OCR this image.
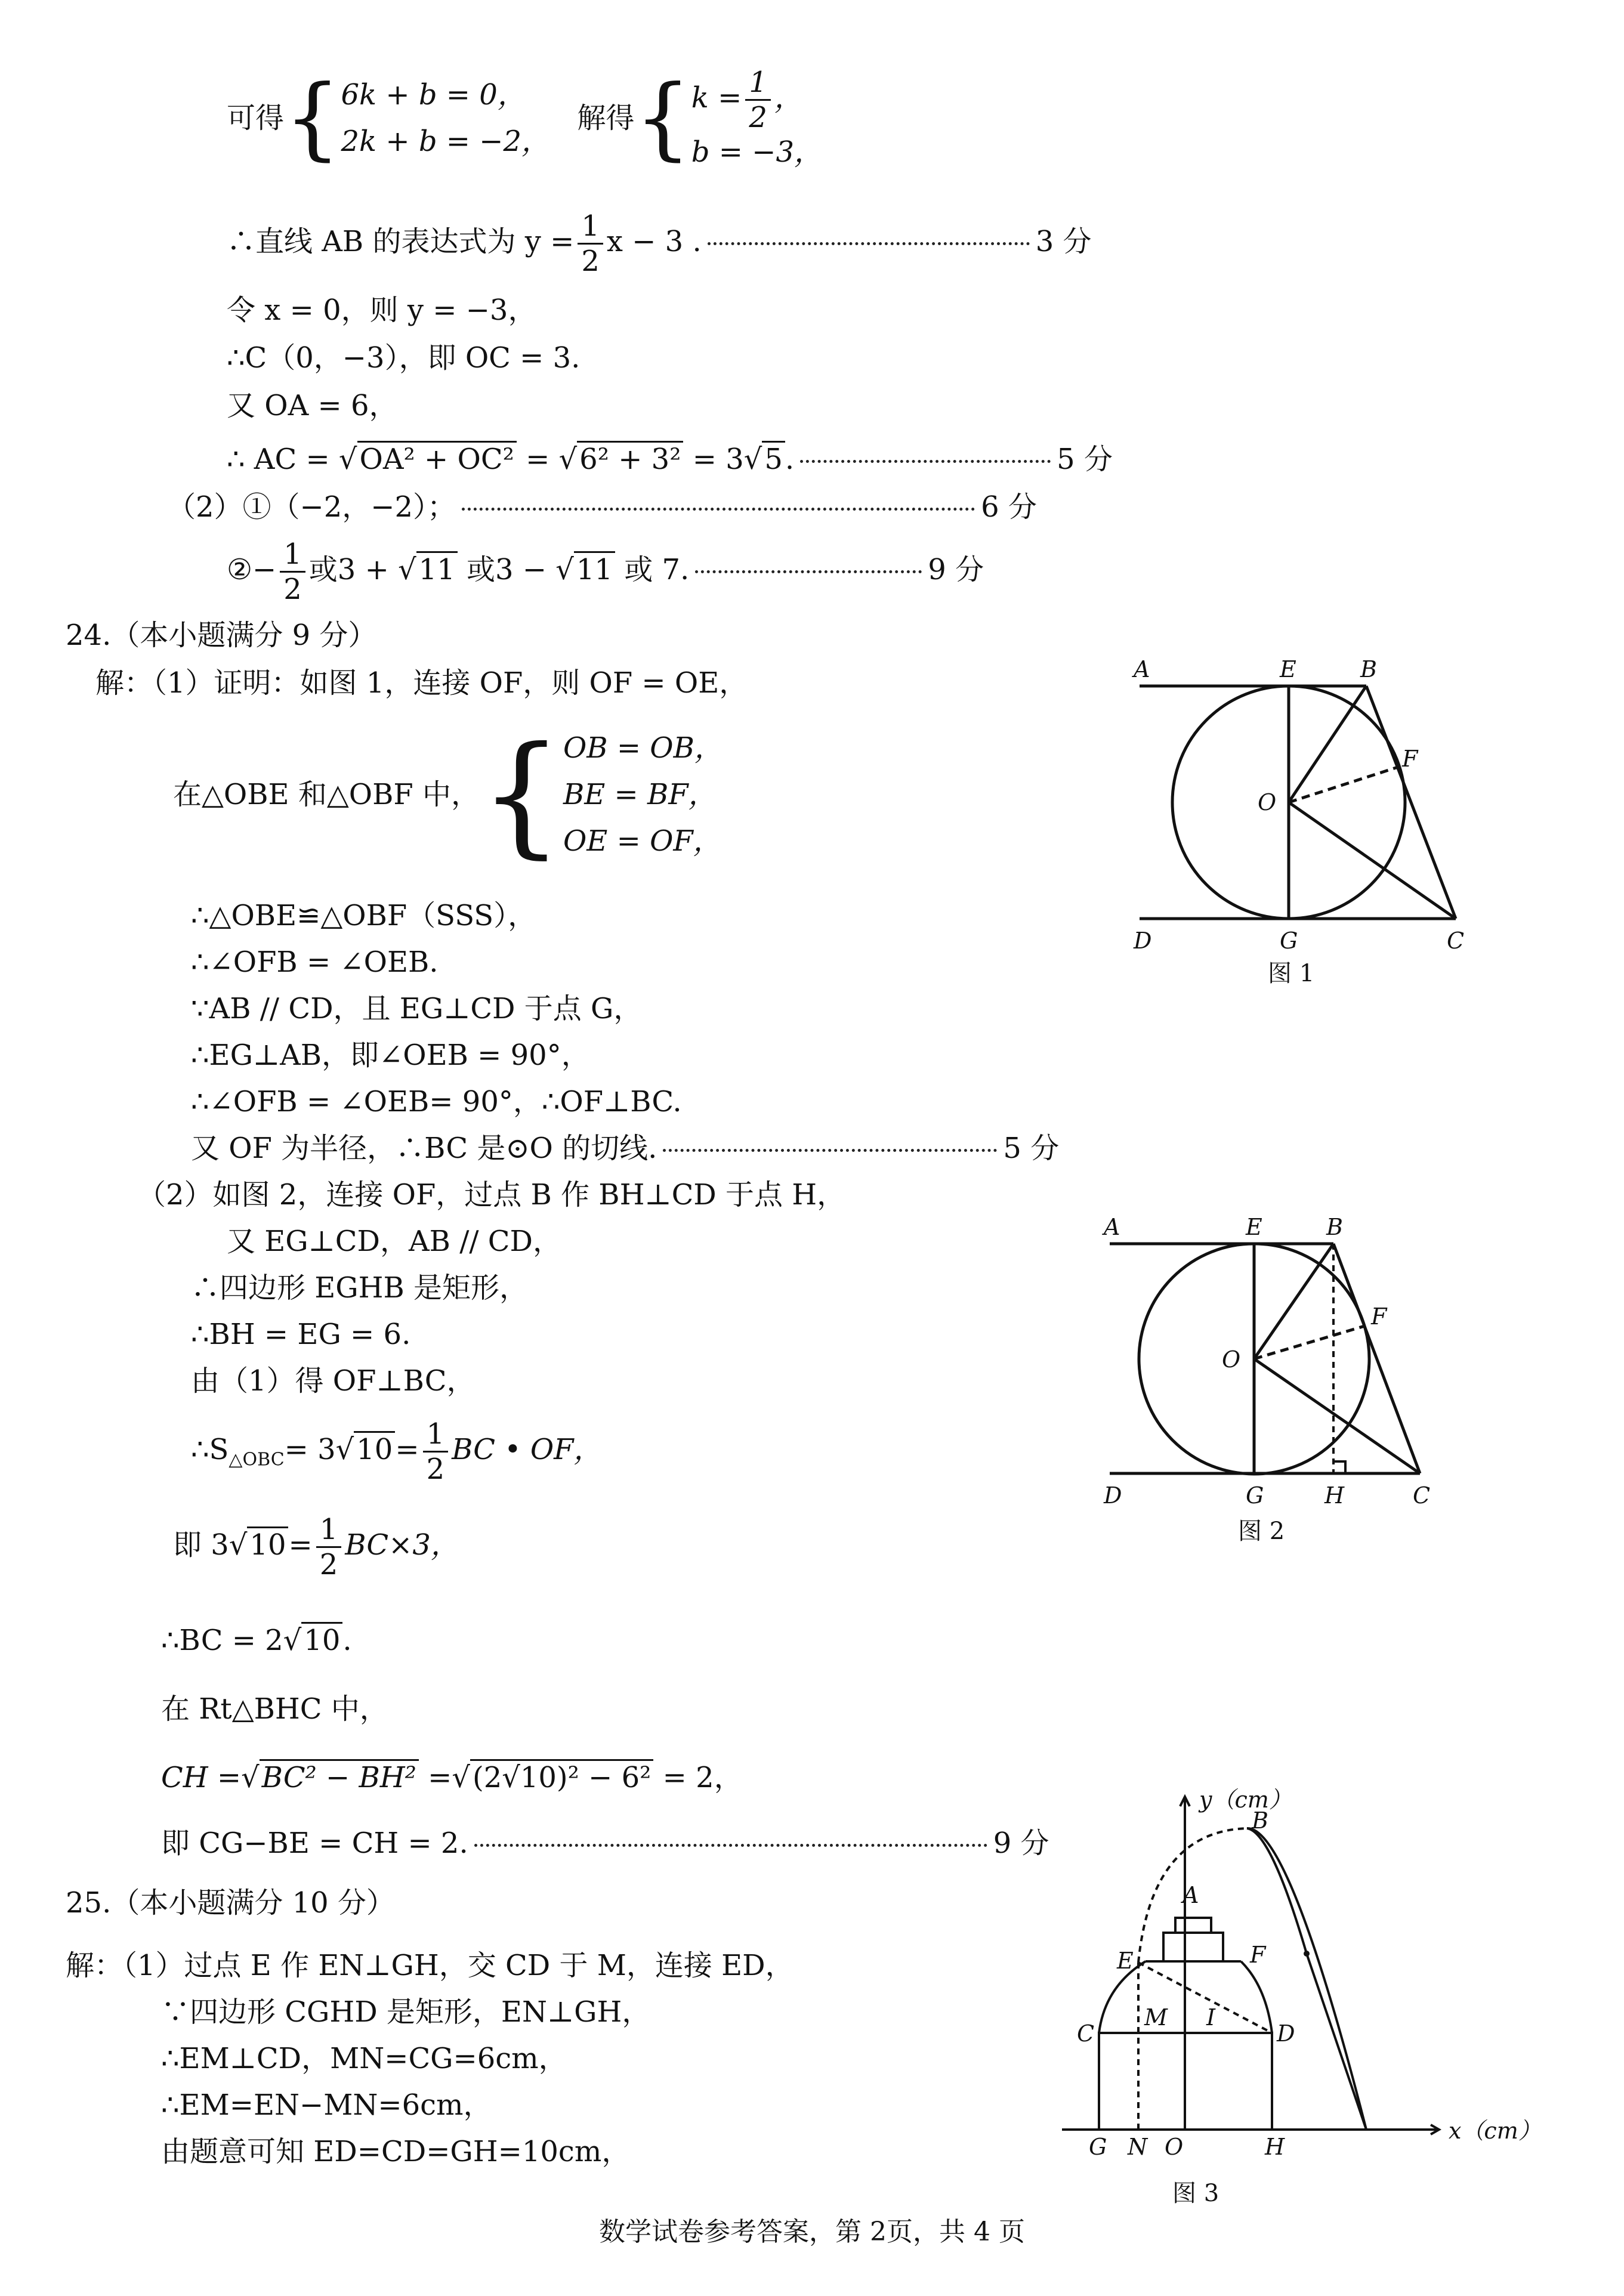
可得{6k + b = 0，
2k + b = −2， 解得{$k = \frac{1}{2}$ ，
b = −3，
∴直线 AB 的表达式为 $y = \frac{1}{2}$ x − 3 .	3 分
令 x = 0，则 y = −3，
∴C（0，−3），即 OC = 3.
又 OA = 6，
∴ AC = √OA² + OC² = √6² + 3² = 3√5.	5 分
（2）①（−2，−2）；	6 分
②− $\frac{1}{2}$ 或3 + √11 或3 − √11 或 7.	9 分
24.（本小题满分 9 分）
解：（1）证明：如图 1，连接 OF，则 OF = OE，
在△OBE 和△OBF 中，{OB = OB，
BE = BF，
OE = OF，
∴△OBE≌△OBF（SSS），
∴∠OFB = ∠OEB.
∵AB // CD，且 EG⊥CD 于点 G，
∴EG⊥AB，即∠OEB = 90°，
∴∠OFB = ∠OEB= 90°，∴OF⊥BC.
又 OF 为半径，∴BC 是⊙O 的切线.	5 分
（2）如图 2，连接 OF，过点 B 作 BH⊥CD 于点 H，
又 EG⊥CD，AB // CD，
∴四边形 EGHB 是矩形，
∴BH = EG = 6.
由（1）得 OF⊥BC，
$\therefore S_{\triangle OBC}= 3√10= \frac{1}{2}$ BC • OF，
即 $3√10= \frac{1}{2} BC\times 3$，
∴BC = 2√10.
在 Rt△BHC 中，
CH =√BC² − BH² =√(2√10)² − 6² = 2，
即 CG−BE = CH = 2.	9 分
25.（本小题满分 10 分）
解：（1）过点 E 作 EN⊥GH，交 CD 于 M，连接 ED，
∵四边形 CGHD 是矩形，EN⊥GH，
∴EM⊥CD，MN=CG=6cm，
∴EM=EN−MN=6cm，
由题意可知 ED=CD=GH=10cm，
A	E	B
F
O
D	G	C
图 1
A	E	B
F
O
D	G	H	C
图 2
y（cm）
x（cm）
A
B
E	F
C
M I
D
G N O	H
图 3
数学试卷参考答案，第 2页，共 4 页
